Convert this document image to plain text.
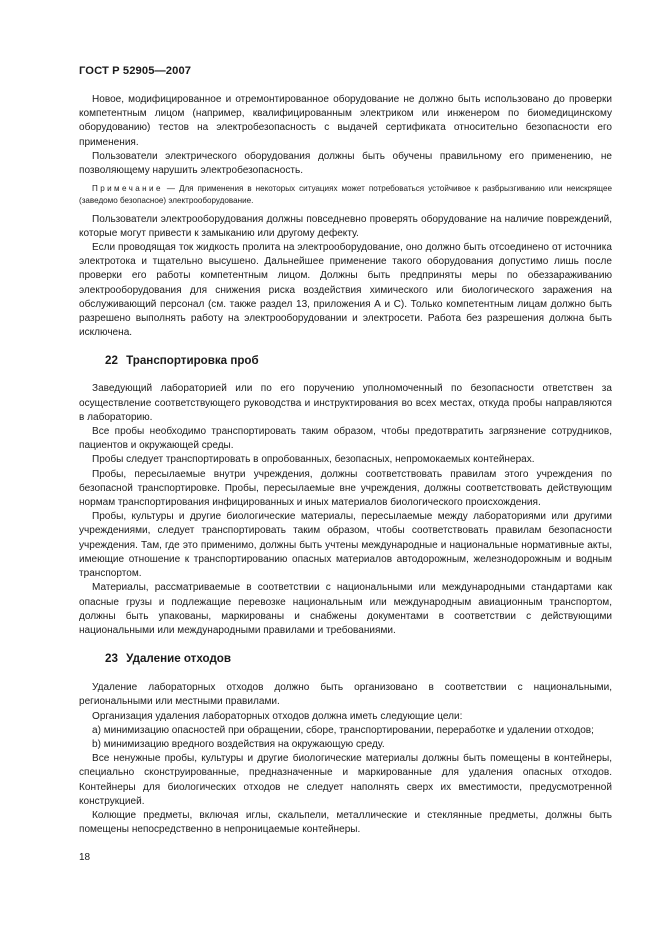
ГОСТ Р 52905—2007

Новое, модифицированное и отремонтированное оборудование не должно быть использовано до проверки компетентным лицом (например, квалифицированным электриком или инженером по биомедицинскому оборудованию) тестов на электробезопасность с выдачей сертификата относительно безопасности его применения.

Пользователи электрического оборудования должны быть обучены правильному его применению, не позволяющему нарушить электробезопасность.

Примечание — Для применения в некоторых ситуациях может потребоваться устойчивое к разбрызгиванию или неискрящее (заведомо безопасное) электрооборудование.

Пользователи электрооборудования должны повседневно проверять оборудование на наличие повреждений, которые могут привести к замыканию или другому дефекту.

Если проводящая ток жидкость пролита на электрооборудование, оно должно быть отсоединено от источника электротока и тщательно высушено. Дальнейшее применение такого оборудования допустимо лишь после проверки его работы компетентным лицом. Должны быть предприняты меры по обеззараживанию электрооборудования для снижения риска воздействия химического или биологического заражения на обслуживающий персонал (см. также раздел 13, приложения А и С). Только компетентным лицам должно быть разрешено выполнять работу на электрооборудовании и электросети. Работа без разрешения должна быть исключена.

22 Транспортировка проб

Заведующий лабораторией или по его поручению уполномоченный по безопасности ответствен за осуществление соответствующего руководства и инструктирования во всех местах, откуда пробы направляются в лабораторию.

Все пробы необходимо транспортировать таким образом, чтобы предотвратить загрязнение сотрудников, пациентов и окружающей среды.

Пробы следует транспортировать в опробованных, безопасных, непромокаемых контейнерах.

Пробы, пересылаемые внутри учреждения, должны соответствовать правилам этого учреждения по безопасной транспортировке. Пробы, пересылаемые вне учреждения, должны соответствовать действующим нормам транспортирования инфицированных и иных материалов биологического происхождения.

Пробы, культуры и другие биологические материалы, пересылаемые между лабораториями или другими учреждениями, следует транспортировать таким образом, чтобы соответствовать правилам безопасности учреждения. Там, где это применимо, должны быть учтены международные и национальные нормативные акты, имеющие отношение к транспортированию опасных материалов автодорожным, железнодорожным и водным транспортом.

Материалы, рассматриваемые в соответствии с национальными или международными стандартами как опасные грузы и подлежащие перевозке национальным или международным авиационным транспортом, должны быть упакованы, маркированы и снабжены документами в соответствии с действующими национальными или международными правилами и требованиями.

23 Удаление отходов

Удаление лабораторных отходов должно быть организовано в соответствии с национальными, региональными или местными правилами.

Организация удаления лабораторных отходов должна иметь следующие цели:

a) минимизацию опасностей при обращении, сборе, транспортировании, переработке и удалении отходов;

b) минимизацию вредного воздействия на окружающую среду.

Все ненужные пробы, культуры и другие биологические материалы должны быть помещены в контейнеры, специально сконструированные, предназначенные и маркированные для удаления опасных отходов. Контейнеры для биологических отходов не следует наполнять сверх их вместимости, предусмотренной конструкцией.

Колющие предметы, включая иглы, скальпели, металлические и стеклянные предметы, должны быть помещены непосредственно в непроницаемые контейнеры.

18
